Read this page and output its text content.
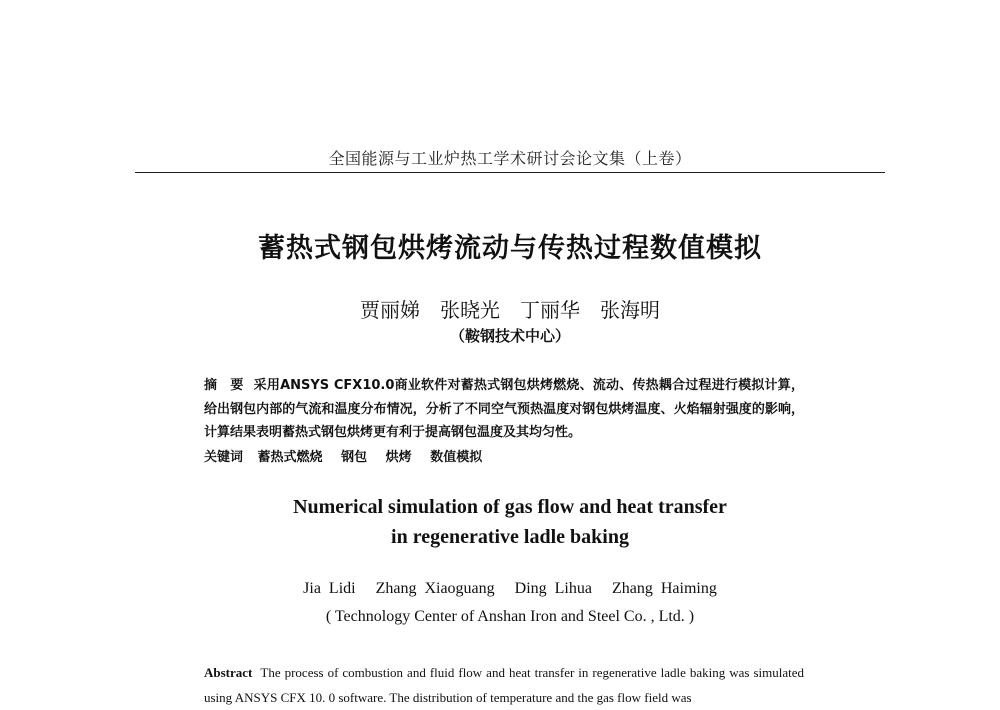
全国能源与工业炉热工学术研讨会论文集（上卷）
蓄热式钢包烘烤流动与传热过程数值模拟
贾丽娣　张晓光　丁丽华　张海明
（鞍钢技术中心）
摘　要 采用ANSYS CFX10.0商业软件对蓄热式钢包烘烤燃烧、流动、传热耦合过程进行模拟计算，给出钢包内部的气流和温度分布情况，分析了不同空气预热温度对钢包烘烤温度、火焰辐射强度的影响，计算结果表明蓄热式钢包烘烤更有利于提高钢包温度及其均匀性。
关键词 蓄热式燃烧 钢包 烘烤 数值模拟
Numerical simulation of gas flow and heat transfer
in regenerative ladle baking
Jia Lidi Zhang Xiaoguang Ding Lihua Zhang Haiming
( Technology Center of Anshan Iron and Steel Co. , Ltd. )
Abstract The process of combustion and fluid flow and heat transfer in regenerative ladle baking was simulated using ANSYS CFX 10. 0 software. The distribution of temperature and the gas flow field was
